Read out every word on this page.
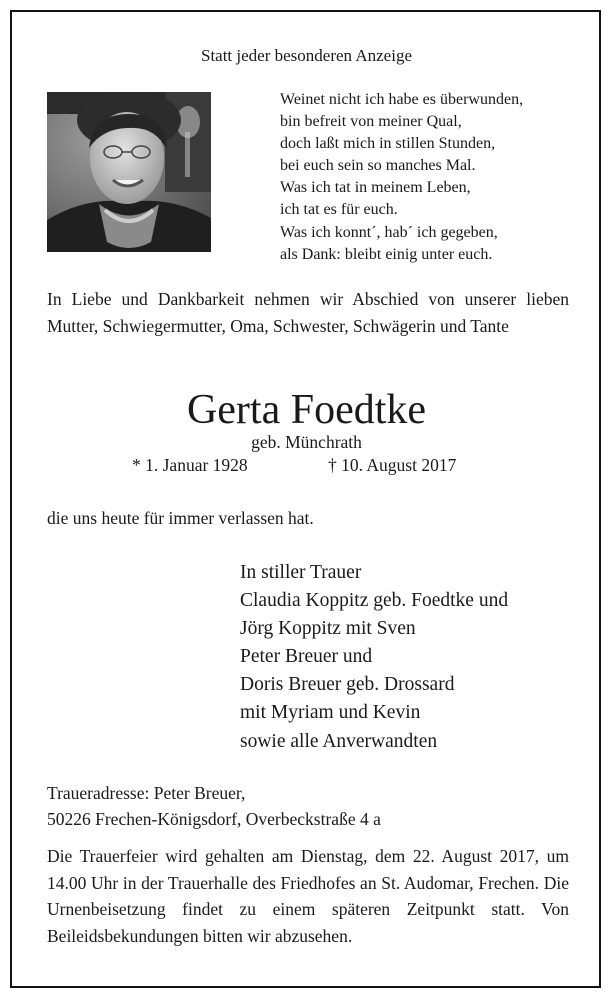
Statt jeder besonderen Anzeige
Weinet nicht ich habe es überwunden,
bin befreit von meiner Qual,
doch laßt mich in stillen Stunden,
bei euch sein so manches Mal.
Was ich tat in meinem Leben,
ich tat es für euch.
Was ich konnt´, hab´ ich gegeben,
als Dank: bleibt einig unter euch.
In Liebe und Dankbarkeit nehmen wir Abschied von unserer lieben Mutter, Schwiegermutter, Oma, Schwester, Schwägerin und Tante
Gerta Foedtke
geb. Münchrath
* 1. Januar 1928	† 10. August 2017
die uns heute für immer verlassen hat.
In stiller Trauer
Claudia Koppitz geb. Foedtke und
Jörg Koppitz mit Sven
Peter Breuer und
Doris Breuer geb. Drossard
mit Myriam und Kevin
sowie alle Anverwandten
Traueradresse: Peter Breuer,
50226 Frechen-Königsdorf, Overbeckstraße 4 a
Die Trauerfeier wird gehalten am Dienstag, dem 22. August 2017, um 14.00 Uhr in der Trauerhalle des Friedhofes an St. Audomar, Frechen. Die Urnenbeisetzung findet zu einem späteren Zeitpunkt statt. Von Beileidsbekundungen bitten wir abzusehen.
